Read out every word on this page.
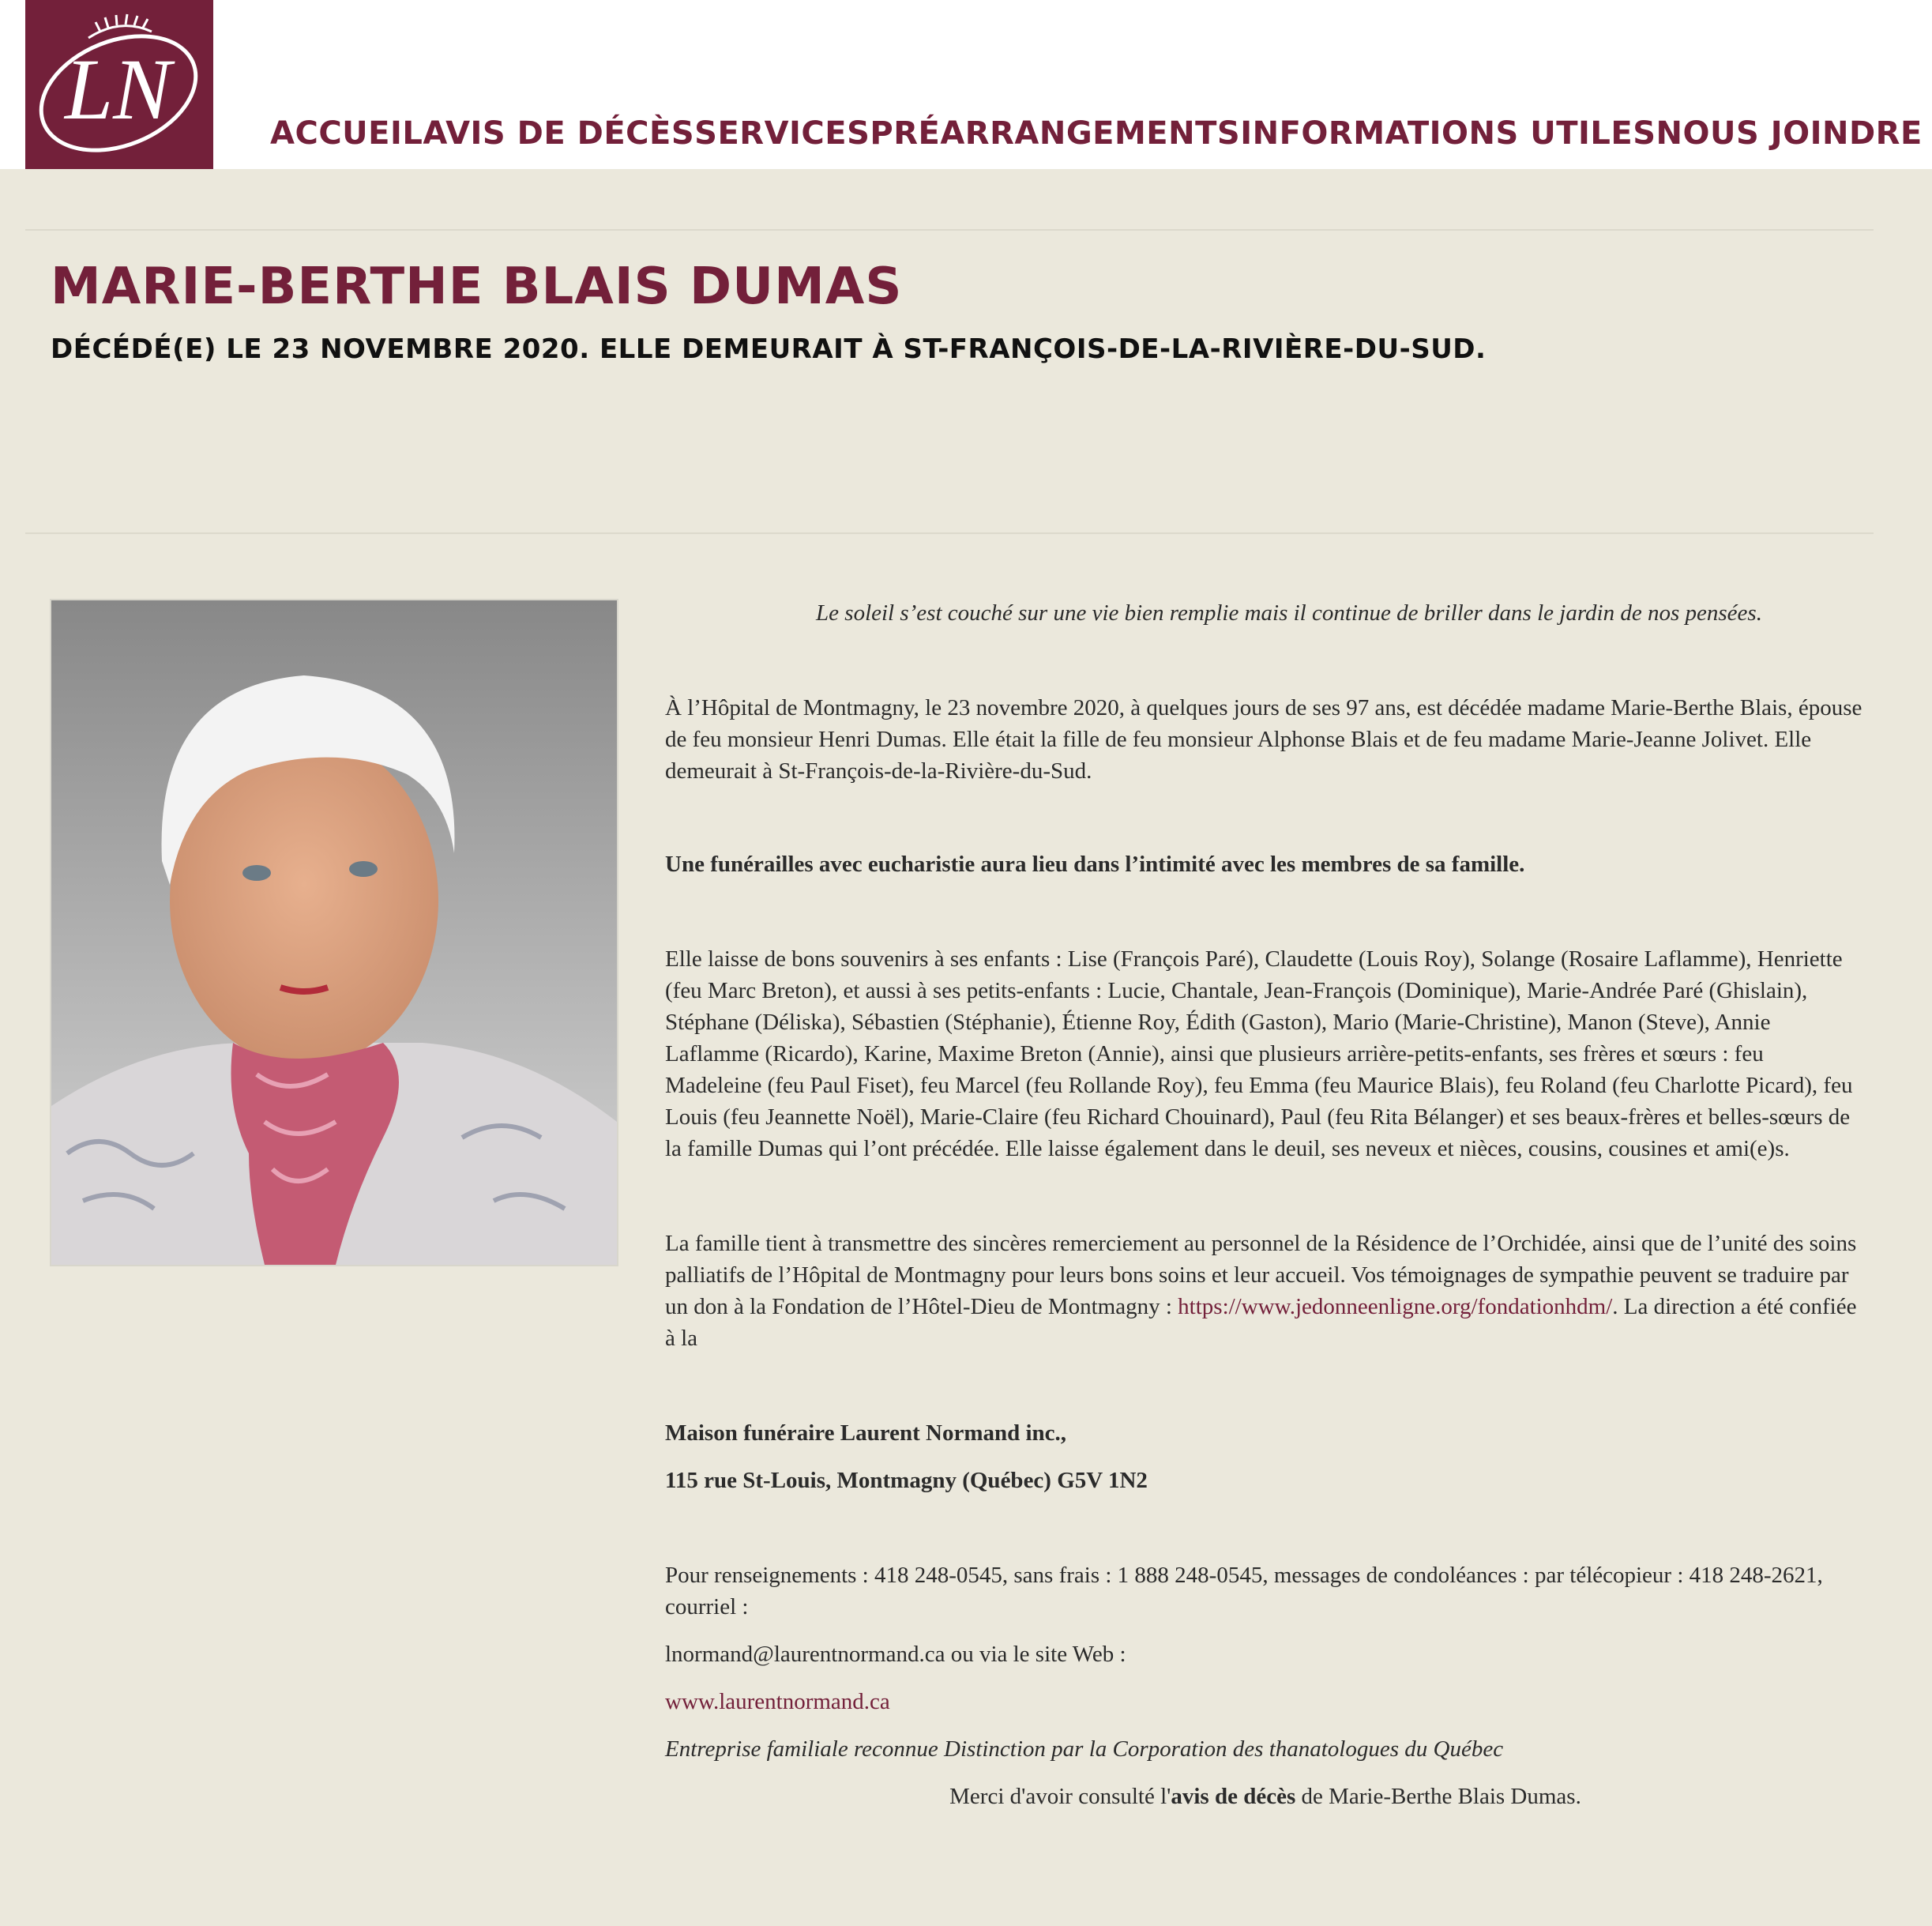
LN	ACCUEIL AVIS DE DÉCÈS SERVICES PRÉARRANGEMENTS INFORMATIONS UTILES NOUS JOINDRE
MARIE-BERTHE BLAIS DUMAS
DÉCÉDÉ(E) LE 23 NOVEMBRE 2020. ELLE DEMEURAIT À ST-FRANÇOIS-DE-LA-RIVIÈRE-DU-SUD.

Le soleil s’est couché sur une vie bien remplie mais il continue de briller dans le jardin de nos pensées.

À l’Hôpital de Montmagny, le 23 novembre 2020, à quelques jours de ses 97 ans, est décédée madame Marie-Berthe Blais, épouse de feu monsieur Henri Dumas. Elle était la fille de feu monsieur Alphonse Blais et de feu madame Marie-Jeanne Jolivet. Elle demeurait à St-François-de-la-Rivière-du-Sud.

Une funérailles avec eucharistie aura lieu dans l’intimité avec les membres de sa famille.

Elle laisse de bons souvenirs à ses enfants : Lise (François Paré), Claudette (Louis Roy), Solange (Rosaire Laflamme), Henriette (feu Marc Breton), et aussi à ses petits-enfants : Lucie, Chantale, Jean-François (Dominique), Marie-Andrée Paré (Ghislain), Stéphane (Déliska), Sébastien (Stéphanie), Étienne Roy, Édith (Gaston), Mario (Marie-Christine), Manon (Steve), Annie Laflamme (Ricardo), Karine, Maxime Breton (Annie), ainsi que plusieurs arrière-petits-enfants, ses frères et sœurs : feu Madeleine (feu Paul Fiset), feu Marcel (feu Rollande Roy), feu Emma (feu Maurice Blais), feu Roland (feu Charlotte Picard), feu Louis (feu Jeannette Noël), Marie-Claire (feu Richard Chouinard), Paul (feu Rita Bélanger) et ses beaux-frères et belles-sœurs de la famille Dumas qui l’ont précédée. Elle laisse également dans le deuil, ses neveux et nièces, cousins, cousines et ami(e)s.

La famille tient à transmettre des sincères remerciement au personnel de la Résidence de l’Orchidée, ainsi que de l’unité des soins palliatifs de l’Hôpital de Montmagny pour leurs bons soins et leur accueil. Vos témoignages de sympathie peuvent se traduire par un don à la Fondation de l’Hôtel-Dieu de Montmagny : https://www.jedonneenligne.org/fondationhdm/. La direction a été confiée à la

Maison funéraire Laurent Normand inc.,

115 rue St-Louis, Montmagny (Québec) G5V 1N2

Pour renseignements : 418 248-0545, sans frais : 1 888 248-0545, messages de condoléances : par télécopieur : 418 248-2621, courriel :

lnormand@laurentnormand.ca ou via le site Web :

www.laurentnormand.ca

Entreprise familiale reconnue Distinction par la Corporation des thanatologues du Québec

Merci d'avoir consulté l'avis de décès de Marie-Berthe Blais Dumas.
